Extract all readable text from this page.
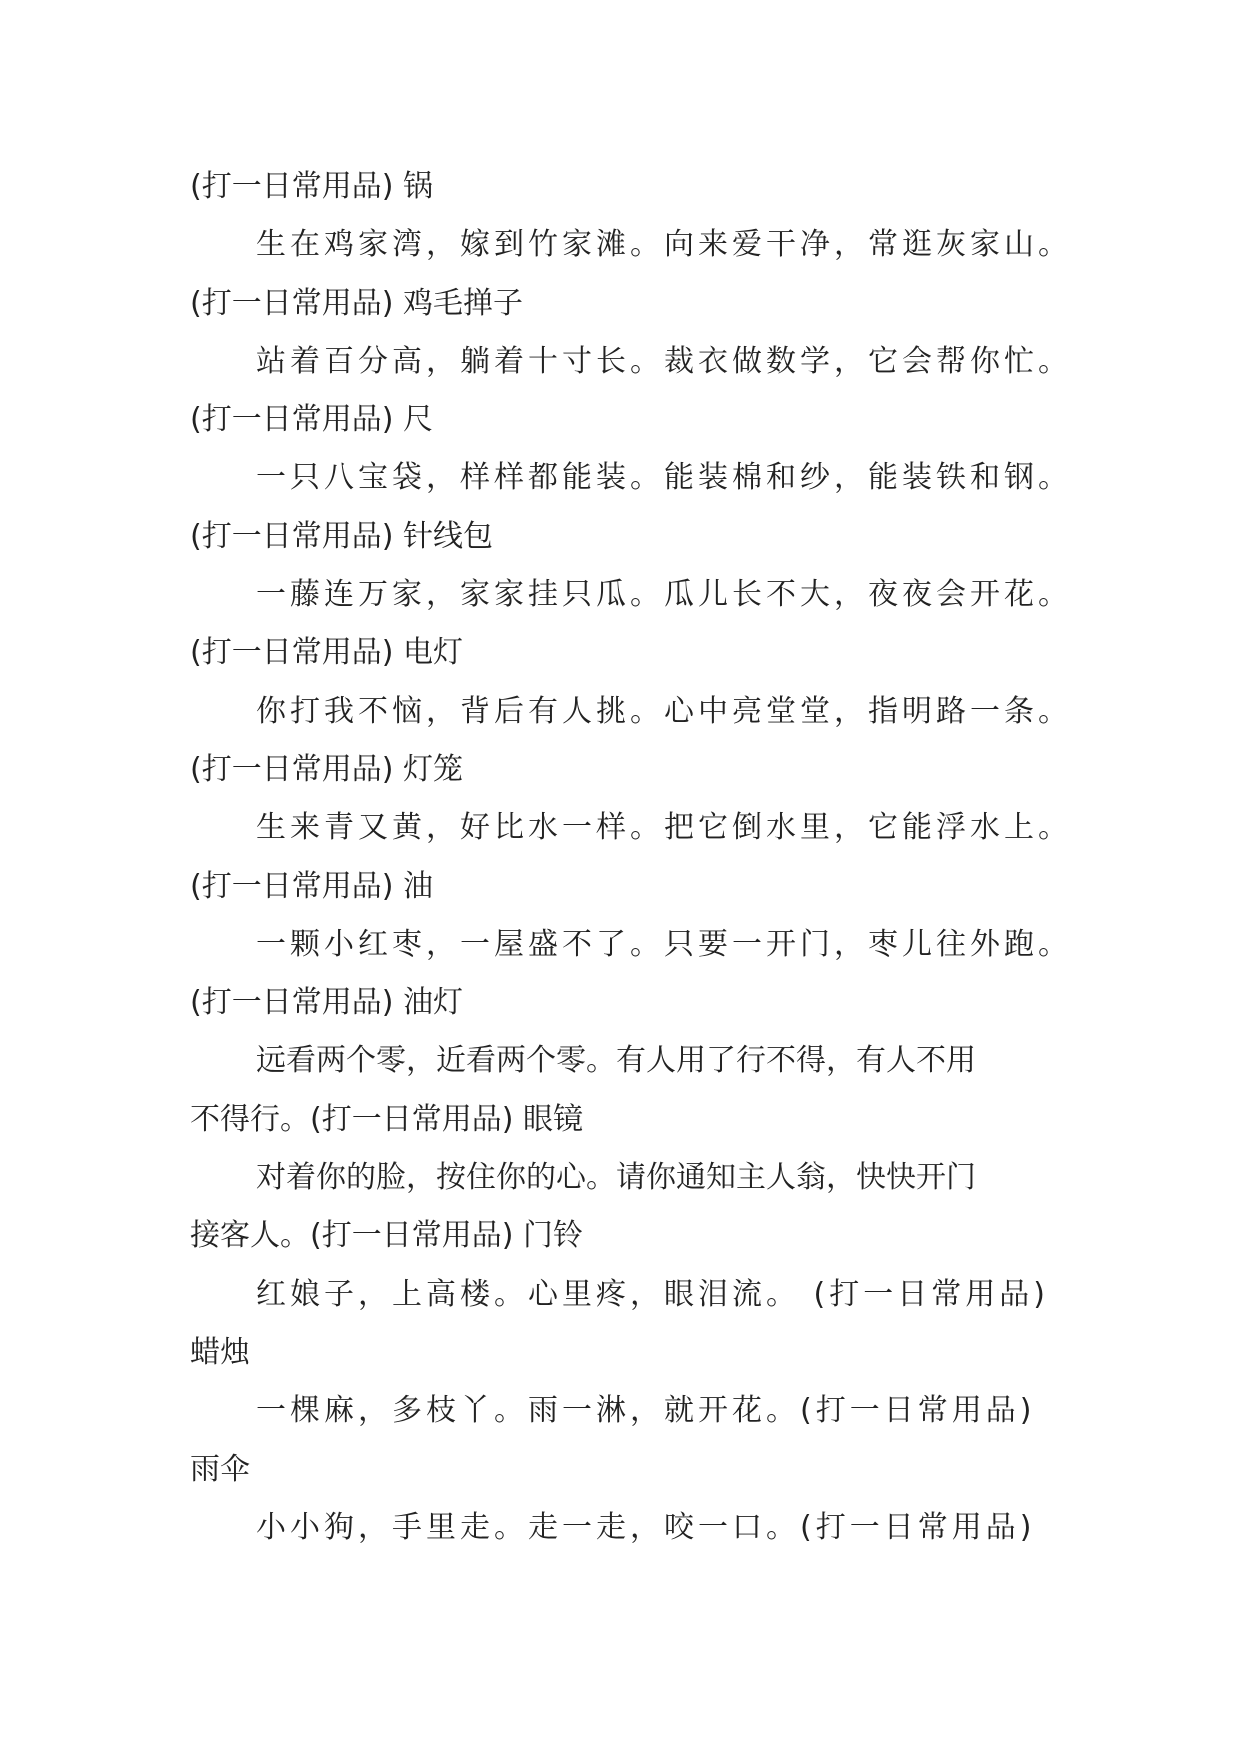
(打一日常用品) 锅
生在鸡家湾，嫁到竹家滩。向来爱干净，常逛灰家山。
(打一日常用品) 鸡毛掸子
站着百分高，躺着十寸长。裁衣做数学，它会帮你忙。
(打一日常用品) 尺
一只八宝袋，样样都能装。能装棉和纱，能装铁和钢。
(打一日常用品) 针线包
一藤连万家，家家挂只瓜。瓜儿长不大，夜夜会开花。
(打一日常用品) 电灯
你打我不恼，背后有人挑。心中亮堂堂，指明路一条。
(打一日常用品) 灯笼
生来青又黄，好比水一样。把它倒水里，它能浮水上。
(打一日常用品) 油
一颗小红枣，一屋盛不了。只要一开门，枣儿往外跑。
(打一日常用品) 油灯
远看两个零，近看两个零。有人用了行不得，有人不用
不得行。(打一日常用品) 眼镜
对着你的脸，按住你的心。请你通知主人翁，快快开门
接客人。(打一日常用品) 门铃
红娘子，上高楼。心里疼，眼泪流。 (打一日常用品)
蜡烛
一棵麻，多枝丫。雨一淋，就开花。(打一日常用品)
雨伞
小小狗，手里走。走一走，咬一口。(打一日常用品)
